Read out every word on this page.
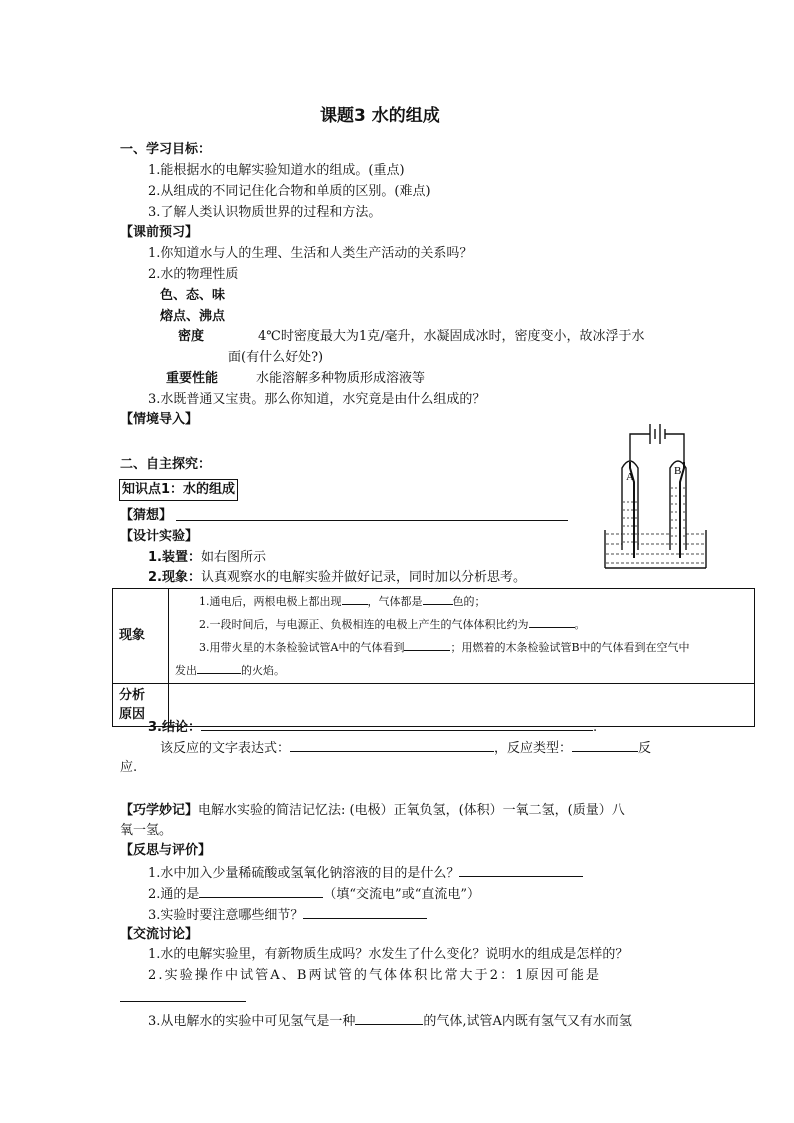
课题3 水的组成
一、学习目标：
1.能根据水的电解实验知道水的组成。(重点)
2.从组成的不同记住化合物和单质的区别。(难点)
3.了解人类认识物质世界的过程和方法。
【课前预习】
1.你知道水与人的生理、生活和人类生产活动的关系吗？
2.水的物理性质
色、态、味
熔点、沸点
密度	4℃时密度最大为1克/毫升，水凝固成冰时，密度变小，故冰浮于水
面(有什么好处?)
重要性能	水能溶解多种物质形成溶液等
3.水既普通又宝贵。那么你知道，水究竟是由什么组成的？
【情境导入】
二、自主探究：
知识点1：水的组成
【猜想】
【设计实验】
1.装置：如右图所示
2.现象：认真观察水的电解实验并做好记录，同时加以分析思考。
现象	1.通电后，两根电极上都出现 ，气体都是 色的；
2.一段时间后，与电源正、负极相连的电极上产生的气体体积比约为 。
3.用带火星的木条检验试管A中的气体看到 ；用燃着的木条检验试管B中的气体看到在空气中
发出 的火焰。

分析
原因	
3.结论：	.
该反应的文字表达式：	，反应类型：	反
应.
【巧学妙记】电解水实验的简洁记忆法: (电极）正氧负氢，(体积）一氧二氢，(质量）八
氧一氢。
【反思与评价】
1.水中加入少量稀硫酸或氢氧化钠溶液的目的是什么？
2.通的是	（填“交流电”或“直流电”）
3.实验时要注意哪些细节？
【交流讨论】
1.水的电解实验里，有新物质生成吗？水发生了什么变化？说明水的组成是怎样的？
2.实验操作中试管A、B两试管的气体体积比常大于2：1原因可能是
3.从电解水的实验中可见氢气是一种	的气体,试管A内既有氢气又有水而氢
A	B
